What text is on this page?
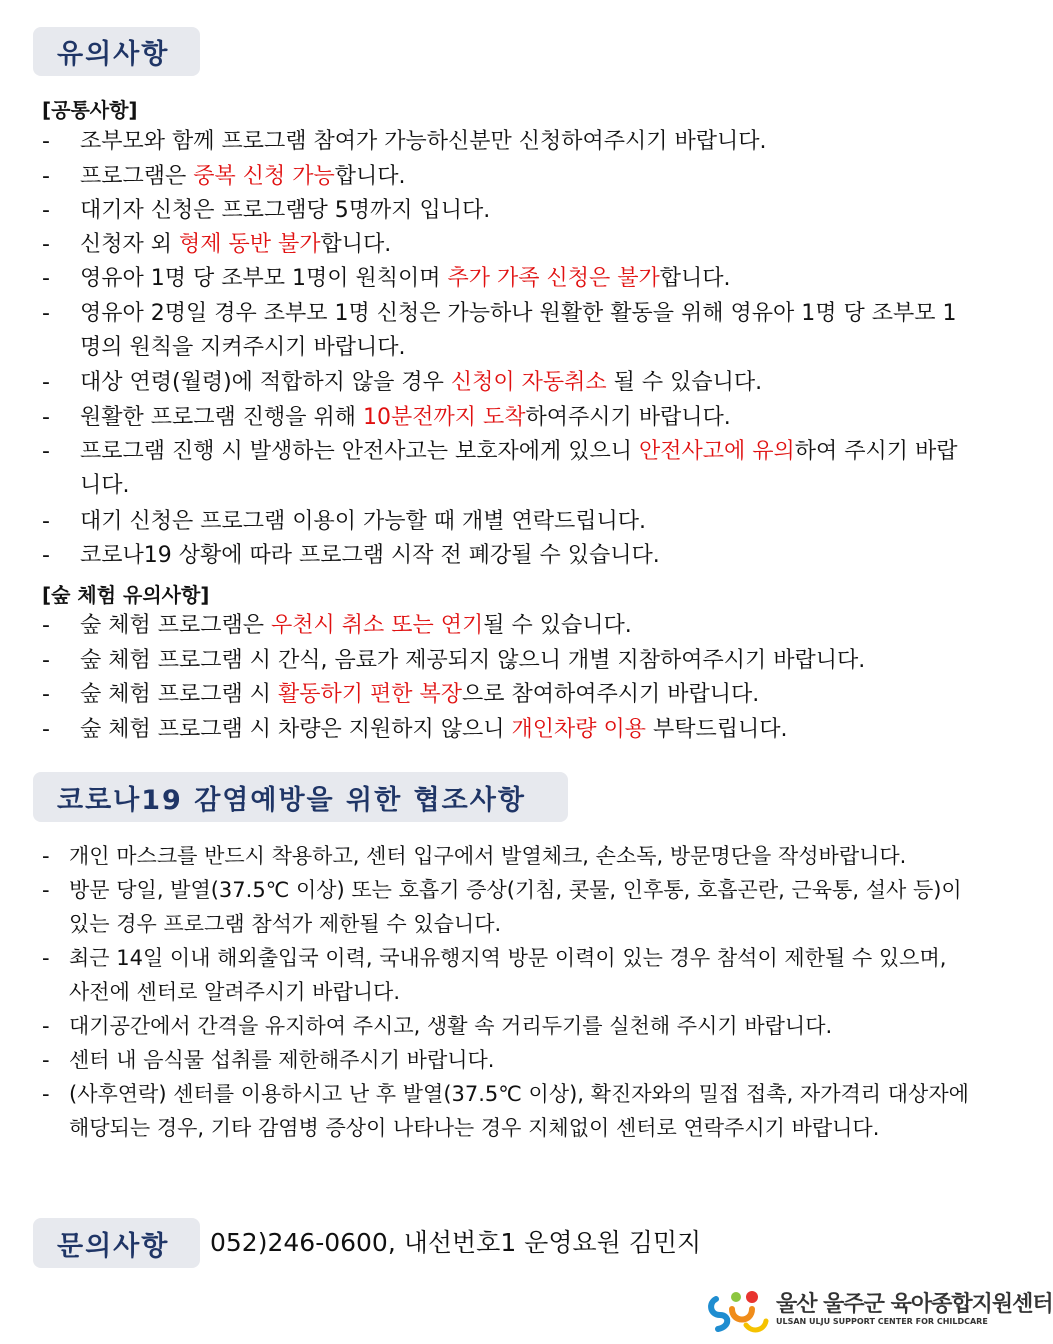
유의사항
[공통사항]
- 조부모와 함께 프로그램 참여가 가능하신분만 신청하여주시기 바랍니다.
- 프로그램은 중복 신청 가능합니다.
- 대기자 신청은 프로그램당 5명까지 입니다.
- 신청자 외 형제 동반 불가합니다.
- 영유아 1명 당 조부모 1명이 원칙이며 추가 가족 신청은 불가합니다.
- 영유아 2명일 경우 조부모 1명 신청은 가능하나 원활한 활동을 위해 영유아 1명 당 조부모 1명의 원칙을 지켜주시기 바랍니다.
- 대상 연령(월령)에 적합하지 않을 경우 신청이 자동취소 될 수 있습니다.
- 원활한 프로그램 진행을 위해 10분전까지 도착하여주시기 바랍니다.
- 프로그램 진행 시 발생하는 안전사고는 보호자에게 있으니 안전사고에 유의하여 주시기 바랍니다.
- 대기 신청은 프로그램 이용이 가능할 때 개별 연락드립니다.
- 코로나19 상황에 따라 프로그램 시작 전 폐강될 수 있습니다.
[숲 체험 유의사항]
- 숲 체험 프로그램은 우천시 취소 또는 연기될 수 있습니다.
- 숲 체험 프로그램 시 간식, 음료가 제공되지 않으니 개별 지참하여주시기 바랍니다.
- 숲 체험 프로그램 시 활동하기 편한 복장으로 참여하여주시기 바랍니다.
- 숲 체험 프로그램 시 차량은 지원하지 않으니 개인차량 이용 부탁드립니다.
코로나19 감염예방을 위한 협조사항
- 개인 마스크를 반드시 착용하고, 센터 입구에서 발열체크, 손소독, 방문명단을 작성바랍니다.
- 방문 당일, 발열(37.5℃ 이상) 또는 호흡기 증상(기침, 콧물, 인후통, 호흡곤란, 근육통, 설사 등)이 있는 경우 프로그램 참석가 제한될 수 있습니다.
- 최근 14일 이내 해외출입국 이력, 국내유행지역 방문 이력이 있는 경우 참석이 제한될 수 있으며, 사전에 센터로 알려주시기 바랍니다.
- 대기공간에서 간격을 유지하여 주시고, 생활 속 거리두기를 실천해 주시기 바랍니다.
- 센터 내 음식물 섭취를 제한해주시기 바랍니다.
- (사후연락) 센터를 이용하시고 난 후 발열(37.5℃ 이상), 확진자와의 밀접 접촉, 자가격리 대상자에 해당되는 경우, 기타 감염병 증상이 나타나는 경우 지체없이 센터로 연락주시기 바랍니다.
문의사항 052)246-0600, 내선번호1 운영요원 김민지
울산 울주군 육아종합지원센터
ULSAN ULJU SUPPORT CENTER FOR CHILDCARE
